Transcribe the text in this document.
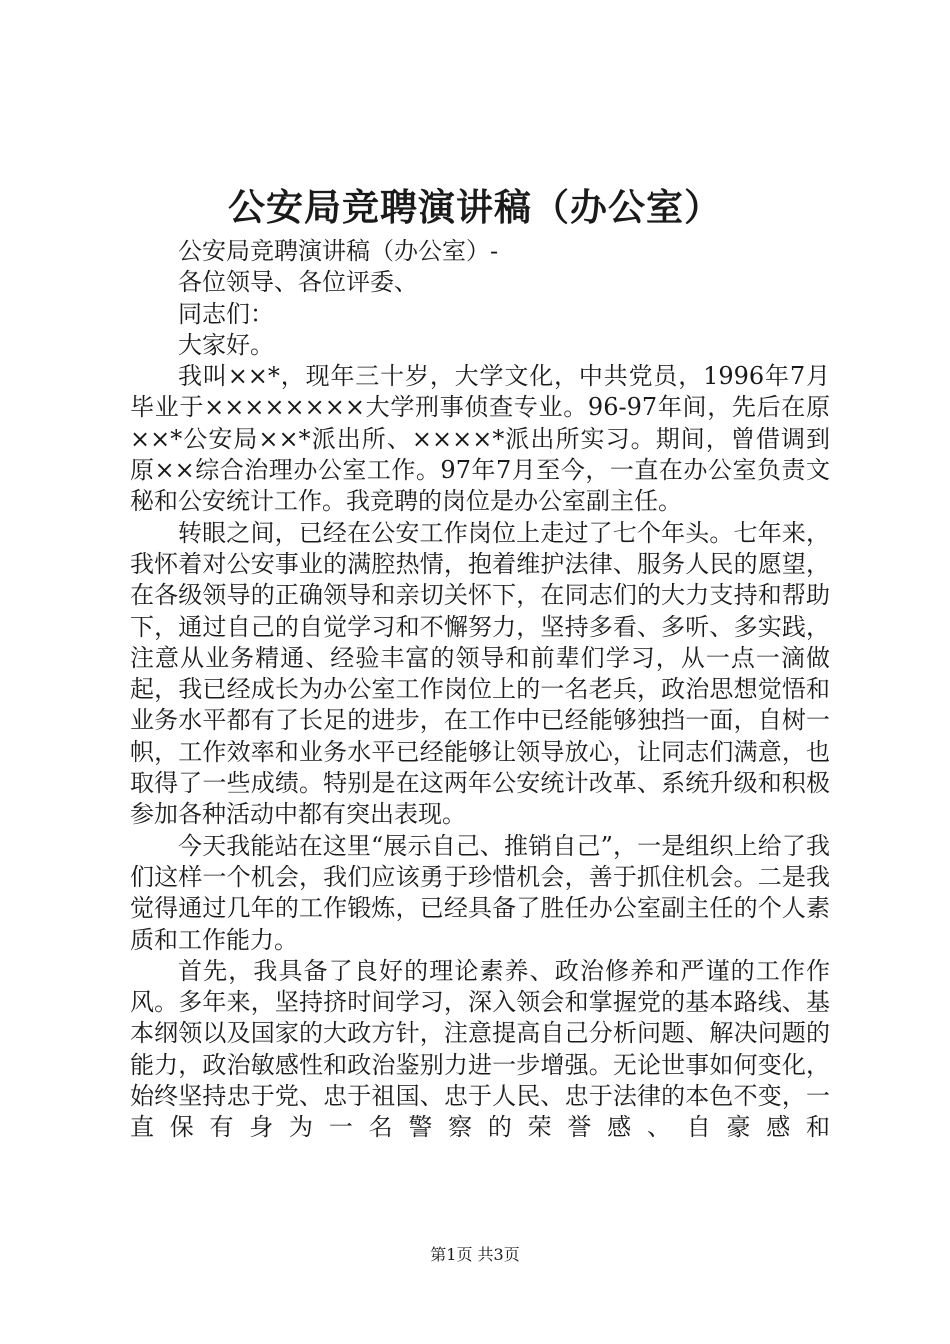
公安局竞聘演讲稿（办公室）

公安局竞聘演讲稿（办公室）-

各位领导、各位评委、

同志们：

大家好。

我叫××*，现年三十岁，大学文化，中共党员，1996年7月毕业于××××××××大学刑事侦查专业。96-97年间，先后在原××*公安局××*派出所、××××*派出所实习。期间，曾借调到原××综合治理办公室工作。97年7月至今，一直在办公室负责文秘和公安统计工作。我竞聘的岗位是办公室副主任。

转眼之间，已经在公安工作岗位上走过了七个年头。七年来，我怀着对公安事业的满腔热情，抱着维护法律、服务人民的愿望，在各级领导的正确领导和亲切关怀下，在同志们的大力支持和帮助下，通过自己的自觉学习和不懈努力，坚持多看、多听、多实践，注意从业务精通、经验丰富的领导和前辈们学习，从一点一滴做起，我已经成长为办公室工作岗位上的一名老兵，政治思想觉悟和业务水平都有了长足的进步，在工作中已经能够独挡一面，自树一帜，工作效率和业务水平已经能够让领导放心，让同志们满意，也取得了一些成绩。特别是在这两年公安统计改革、系统升级和积极参加各种活动中都有突出表现。

今天我能站在这里“展示自己、推销自己”，一是组织上给了我们这样一个机会，我们应该勇于珍惜机会，善于抓住机会。二是我觉得通过几年的工作锻炼，已经具备了胜任办公室副主任的个人素质和工作能力。

首先，我具备了良好的理论素养、政治修养和严谨的工作作风。多年来，坚持挤时间学习，深入领会和掌握党的基本路线、基本纲领以及国家的大政方针，注意提高自己分析问题、解决问题的能力，政治敏感性和政治鉴别力进一步增强。无论世事如何变化，始终坚持忠于党、忠于祖国、忠于人民、忠于法律的本色不变，一直保有身为一名警察的荣誉感、自豪感和

第1页 共3页
